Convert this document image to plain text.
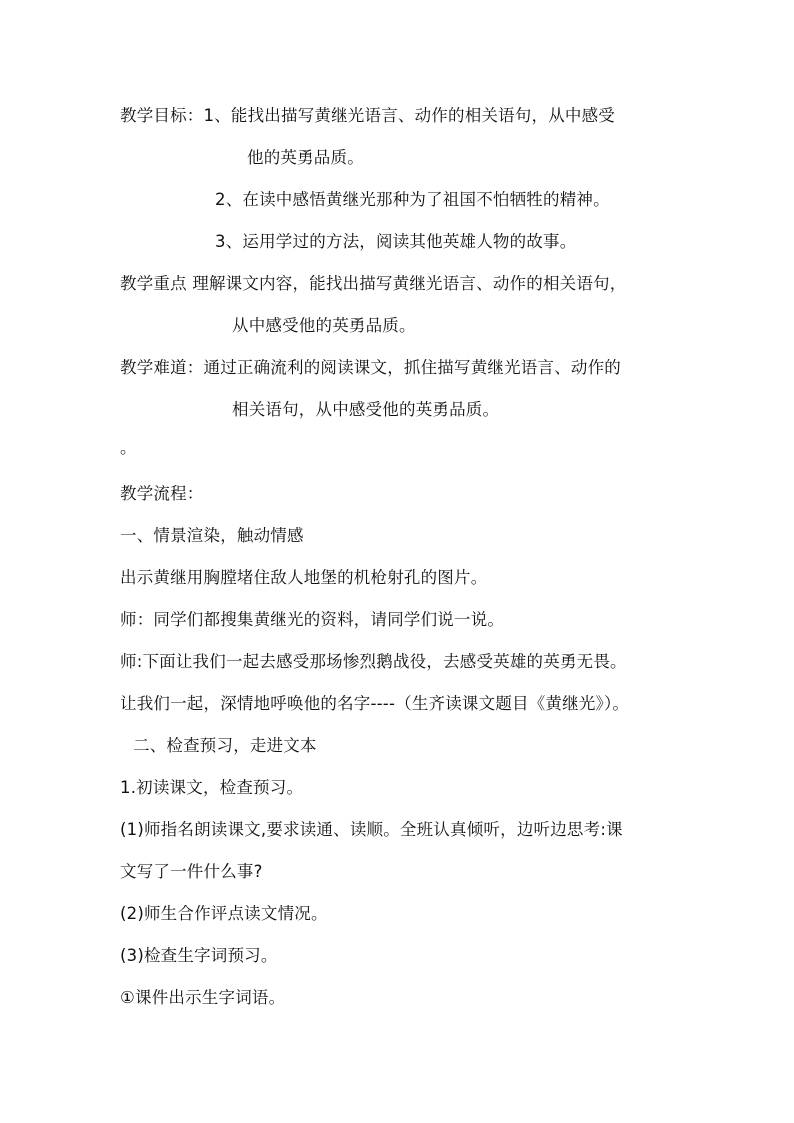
教学目标：1、能找出描写黄继光语言、动作的相关语句，从中感受
他的英勇品质。
2、在读中感悟黄继光那种为了祖国不怕牺牲的精神。
3、运用学过的方法，阅读其他英雄人物的故事。
教学重点 理解课文内容，能找出描写黄继光语言、动作的相关语句，
从中感受他的英勇品质。
教学难道：通过正确流利的阅读课文，抓住描写黄继光语言、动作的
相关语句，从中感受他的英勇品质。
。
教学流程：
一、情景渲染，触动情感
出示黄继用胸膛堵住敌人地堡的机枪射孔的图片。
师：同学们都搜集黄继光的资料，请同学们说一说。
师:下面让我们一起去感受那场惨烈鹅战役，去感受英雄的英勇无畏。
让我们一起，深情地呼唤他的名字----（生齐读课文题目《黄继光》）。
二、检查预习，走进文本
1.初读课文，检查预习。
(1)师指名朗读课文,要求读通、读顺。全班认真倾听，边听边思考:课
文写了一件什么事?
(2)师生合作评点读文情况。
(3)检查生字词预习。
①课件出示生字词语。
